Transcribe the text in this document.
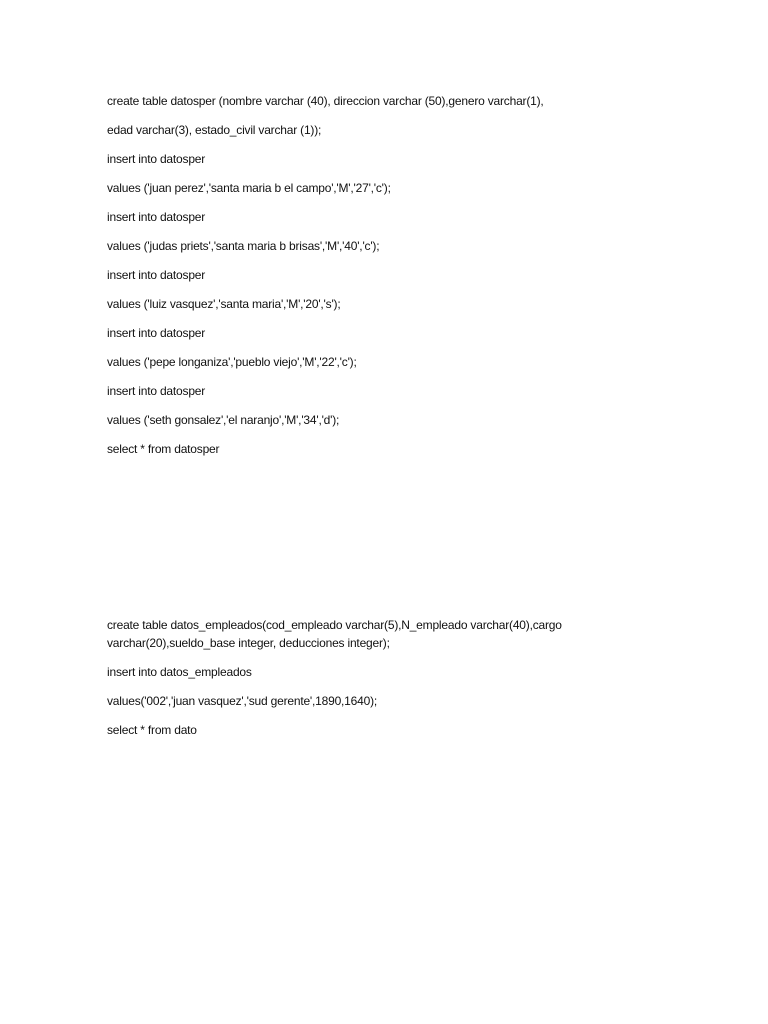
create table datosper (nombre varchar (40), direccion varchar (50),genero varchar(1),
edad varchar(3), estado_civil varchar (1));
insert into datosper
values ('juan perez','santa maria b el campo','M','27','c');
insert into datosper
values ('judas priets','santa maria b brisas','M','40','c');
insert into datosper
values ('luiz vasquez','santa maria','M','20','s');
insert into datosper
values ('pepe longaniza','pueblo viejo','M','22','c');
insert into datosper
values ('seth gonsalez','el naranjo','M','34','d');
select * from datosper
create table datos_empleados(cod_empleado varchar(5),N_empleado varchar(40),cargo varchar(20),sueldo_base integer, deducciones integer);
insert into datos_empleados
values('002','juan vasquez','sud gerente',1890,1640);
select * from dato
